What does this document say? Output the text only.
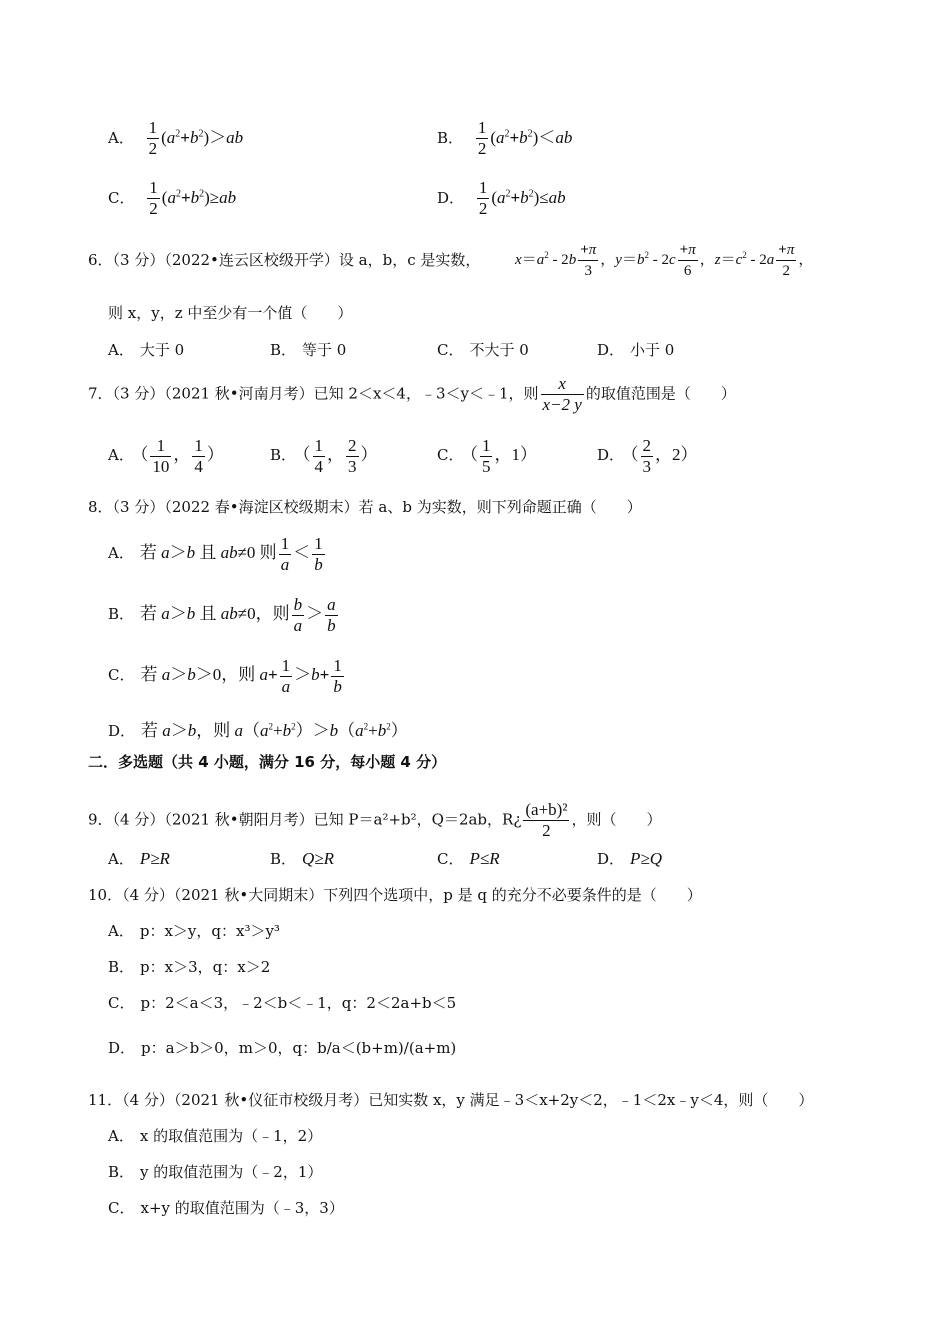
A． $\frac{1}{2} (a^2+b^2)>ab$	B． $\frac{1}{2} (a^2+b^2)<ab$
C． $\frac{1}{2} (a^2+b^2)\ge ab$	D． $\frac{1}{2} (a^2+b^2)\le ab$
6．（3 分）（2022•连云区校级开学）设 a，b，c 是实数， $x=a^2 - 2b \frac{+\pi}{3}$ ，$y=b^2 - 2c \frac{+\pi}{6}$ ，$z=c^2 - 2a \frac{+\pi}{2}$ ，
则 x，y，z 中至少有一个值（　　）
A． 大于 0	B． 等于 0	C． 不大于 0	D． 小于 0
7．（3 分）（2021 秋•河南月考）已知 2＜x＜4，﹣3＜y＜﹣1，则 $\frac{x}{x-2 y}$ 的取值范围是（　　）
A． （ $\frac{1}{10}$ ， $\frac{1}{4}$ ）	B． （ $\frac{1}{4}$ ， $\frac{2}{3}$ ）	C． （ $\frac{1}{5}$ ，1）	D． （ $\frac{2}{3}$ ，2）
8．（3 分）（2022 春•海淀区校级期末）若 a、b 为实数，则下列命题正确（　　）
A． 若 a＞b 且 ab≠0 则 $\frac{1}{a} < \frac{1}{b}$
B． 若 a＞b 且 ab≠0，则 $\frac{b}{a} > \frac{a}{b}$
C． 若 a＞b＞0，则 $a+ \frac{1}{a} >b+ \frac{1}{b}$
D． 若 a＞b，则 $a(a^2+b^2)>b(a^2+b^2)$
二．多选题（共 4 小题，满分 16 分，每小题 4 分）
9．（4 分）（2021 秋•朝阳月考）已知 P＝a²+b²，Q＝2ab，R¿ $\frac{\text{(a+b)²}}{2}$ ，则（　　）
A． P≥R	B． Q≥R	C． P≤R	D． P≥Q
10．（4 分）（2021 秋•大同期末）下列四个选项中，p 是 q 的充分不必要条件的是（　　）
A． p：x＞y，q：x³＞y³
B． p：x＞3，q：x＞2
C． p：2＜a＜3，﹣2＜b＜﹣1，q：2＜2a+b＜5
D． p：a＞b＞0，m＞0，q：b/a＜(b+m)/(a+m)
11．（4 分）（2021 秋•仪征市校级月考）已知实数 x，y 满足﹣3＜x+2y＜2，﹣1＜2x﹣y＜4，则（　　）
A． x 的取值范围为（﹣1，2）
B． y 的取值范围为（﹣2，1）
C． x+y 的取值范围为（﹣3，3）
